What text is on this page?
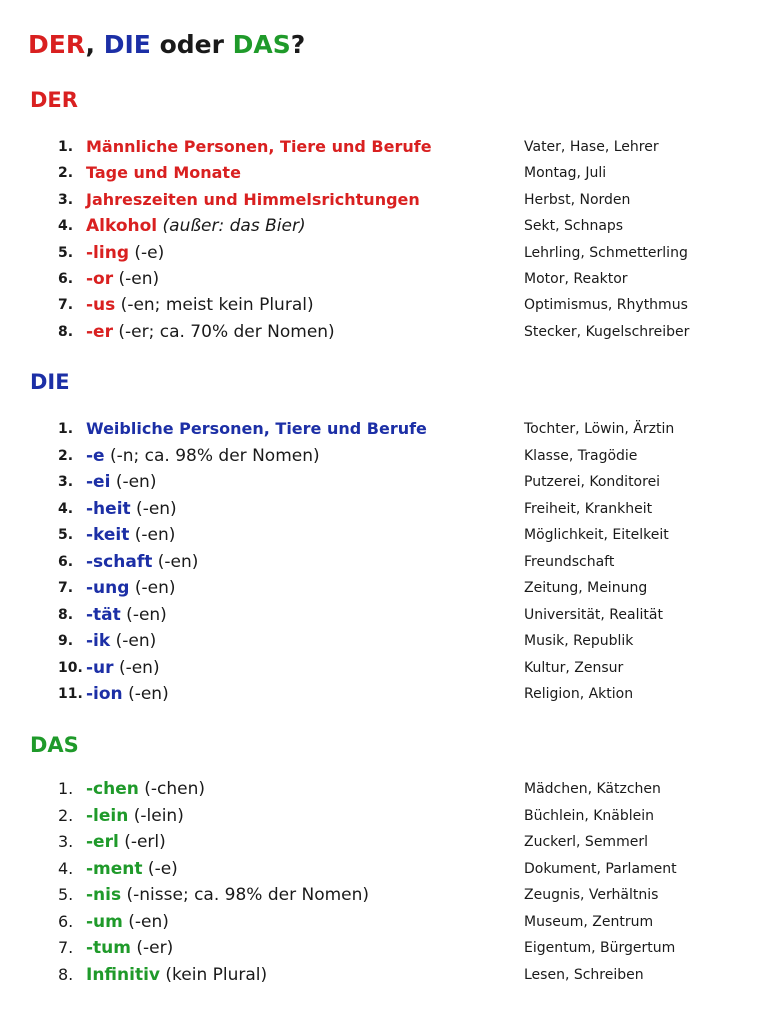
DER, DIE oder DAS?
DER
1. Männliche Personen, Tiere und Berufe	Vater, Hase, Lehrer
2. Tage und Monate	Montag, Juli
3. Jahreszeiten und Himmelsrichtungen	Herbst, Norden
4. Alkohol (außer: das Bier)	Sekt, Schnaps
5. -ling (-e)	Lehrling, Schmetterling
6. -or (-en)	Motor, Reaktor
7. -us (-en; meist kein Plural)	Optimismus, Rhythmus
8. -er (-er; ca. 70% der Nomen)	Stecker, Kugelschreiber
DIE
1. Weibliche Personen, Tiere und Berufe	Tochter, Löwin, Ärztin
2. -e (-n; ca. 98% der Nomen)	Klasse, Tragödie
3. -ei (-en)	Putzerei, Konditorei
4. -heit (-en)	Freiheit, Krankheit
5. -keit (-en)	Möglichkeit, Eitelkeit
6. -schaft (-en)	Freundschaft
7. -ung (-en)	Zeitung, Meinung
8. -tät (-en)	Universität, Realität
9. -ik (-en)	Musik, Republik
10. -ur (-en)	Kultur, Zensur
11. -ion (-en)	Religion, Aktion
DAS
1. -chen (-chen)	Mädchen, Kätzchen
2. -lein (-lein)	Büchlein, Knäblein
3. -erl (-erl)	Zuckerl, Semmerl
4. -ment (-e)	Dokument, Parlament
5. -nis (-nisse; ca. 98% der Nomen)	Zeugnis, Verhältnis
6. -um (-en)	Museum, Zentrum
7. -tum (-er)	Eigentum, Bürgertum
8. Infinitiv (kein Plural)	Lesen, Schreiben
